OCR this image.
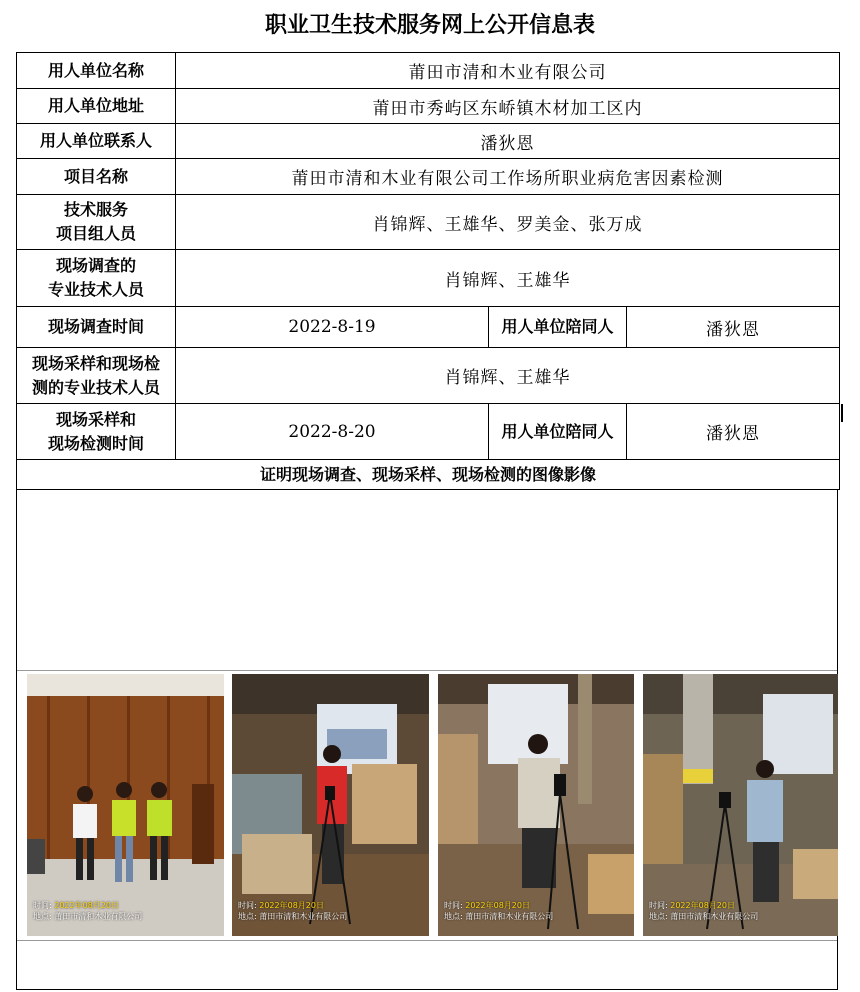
职业卫生技术服务网上公开信息表
用人单位名称	莆田市清和木业有限公司		
用人单位地址	莆田市秀屿区东峤镇木材加工区内		
用人单位联系人	潘狄恩		
项目名称	莆田市清和木业有限公司工作场所职业病危害因素检测		

技术服务
项目组人员	肖锦辉、王雄华、罗美金、张万成		

现场调查的
专业技术人员	肖锦辉、王雄华		
现场调查时间	2022-8-19	用人单位陪同人	潘狄恩

现场采样和现场检
测的专业技术人员	肖锦辉、王雄华		

现场采样和
现场检测时间	2022-8-20	用人单位陪同人	潘狄恩
证明现场调查、现场采样、现场检测的图像影像			
时间: 2022年08月20日
地点: 莆田市清和木业有限公司
时间: 2022年08月20日
地点: 莆田市清和木业有限公司
时间: 2022年08月20日
地点: 莆田市清和木业有限公司
时间: 2022年08月20日
地点: 莆田市清和木业有限公司
